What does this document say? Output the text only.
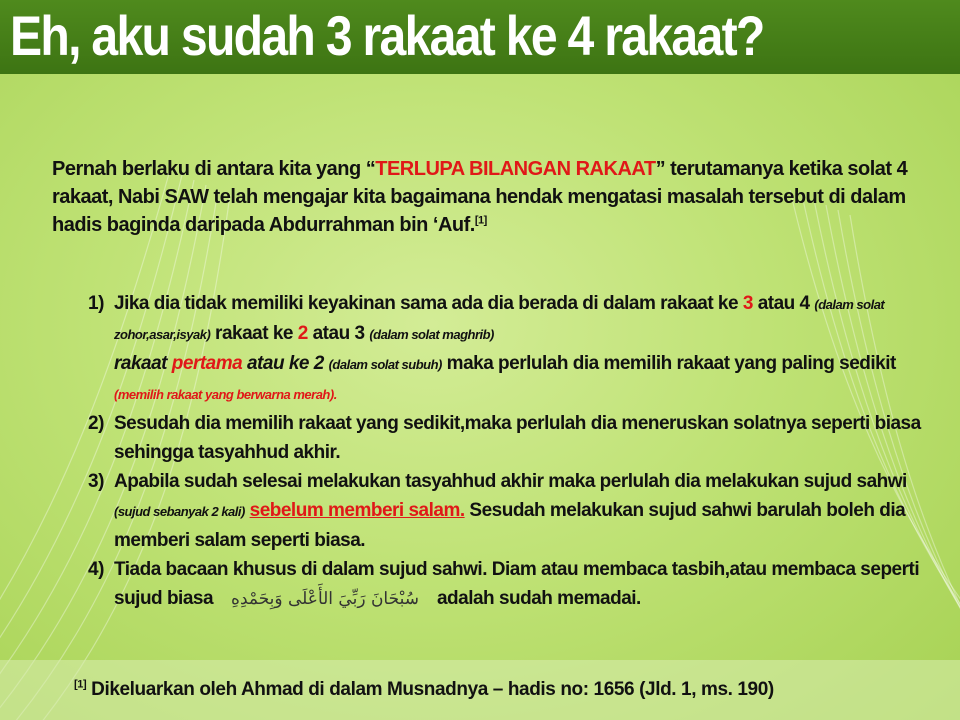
Eh, aku sudah 3 rakaat ke 4 rakaat?

Pernah berlaku di antara kita yang “TERLUPA BILANGAN RAKAAT” terutamanya ketika solat 4 rakaat, Nabi SAW telah mengajar kita bagaimana hendak mengatasi masalah tersebut di dalam hadis baginda daripada Abdurrahman bin ‘Auf.[1]

1) Jika dia tidak memiliki keyakinan sama ada dia berada di dalam rakaat ke 3 atau 4 (dalam solat zohor,asar,isyak) rakaat ke 2 atau 3 (dalam solat maghrib)
rakaat pertama atau ke 2 (dalam solat subuh) maka perlulah dia memilih rakaat yang paling sedikit (memilih rakaat yang berwarna merah).
2) Sesudah dia memilih rakaat yang sedikit,maka perlulah dia meneruskan solatnya seperti biasa sehingga tasyahhud akhir.
3) Apabila sudah selesai melakukan tasyahhud akhir maka perlulah dia melakukan sujud sahwi (sujud sebanyak 2 kali) sebelum memberi salam. Sesudah melakukan sujud sahwi barulah boleh dia memberi salam seperti biasa.
4) Tiada bacaan khusus di dalam sujud sahwi. Diam atau membaca tasbih,atau membaca seperti sujud biasa سُبْحَانَ رَبِّيَ الأَعْلَى وَبِحَمْدِهِ adalah sudah memadai.

[1] Dikeluarkan oleh Ahmad di dalam Musnadnya – hadis no: 1656 (Jld. 1, ms. 190)
